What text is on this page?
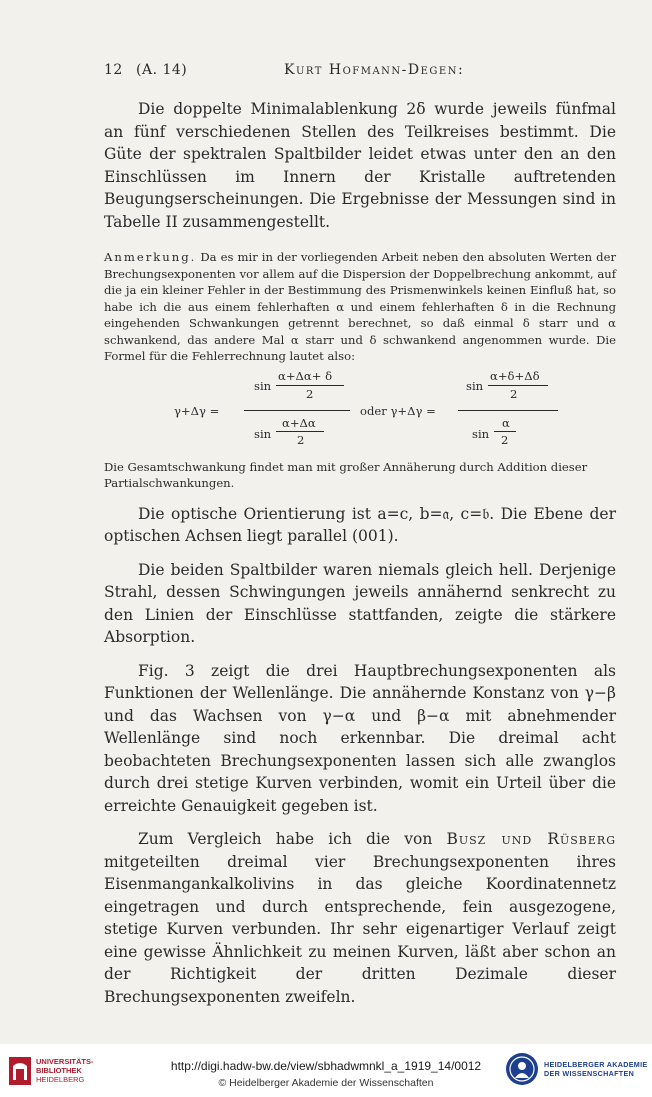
12 (A. 14)	Kurt Hofmann-Degen:

Die doppelte Minimalablenkung 2δ wurde jeweils fünfmal an fünf verschiedenen Stellen des Teilkreises bestimmt. Die Güte der spektralen Spaltbilder leidet etwas unter den an den Einschlüssen im Innern der Kristalle auftretenden Beugungserscheinungen. Die Ergebnisse der Messungen sind in Tabelle II zusammengestellt.

Anmerkung. Da es mir in der vorliegenden Arbeit neben den absoluten Werten der Brechungsexponenten vor allem auf die Dispersion der Doppelbrechung ankommt, auf die ja ein kleiner Fehler in der Bestimmung des Prismenwinkels keinen Einfluß hat, so habe ich die aus einem fehlerhaften α und einem fehlerhaften δ in die Rechnung eingehenden Schwankungen getrennt berechnet, so daß einmal δ starr und α schwankend, das andere Mal α starr und δ schwankend angenommen wurde. Die Formel für die Fehlerrechnung lautet also:
γ+Δγ =
sin
α+Δα+ δ
2
sin
α+Δα
2
oder γ+Δγ =
sin
α+δ+Δδ
2
sin
α
2
Die Gesamtschwankung findet man mit großer Annäherung durch Addition dieser Partialschwankungen.

Die optische Orientierung ist a=c, b=𝔞, c=𝔟. Die Ebene der optischen Achsen liegt parallel (001).

Die beiden Spaltbilder waren niemals gleich hell. Derjenige Strahl, dessen Schwingungen jeweils annähernd senkrecht zu den Linien der Einschlüsse stattfanden, zeigte die stärkere Absorption.

Fig. 3 zeigt die drei Hauptbrechungsexponenten als Funktionen der Wellenlänge. Die annähernde Konstanz von γ−β und das Wachsen von γ−α und β−α mit abnehmender Wellenlänge sind noch erkennbar. Die dreimal acht beobachteten Brechungsexponenten lassen sich alle zwanglos durch drei stetige Kurven verbinden, womit ein Urteil über die erreichte Genauigkeit gegeben ist.

Zum Vergleich habe ich die von Busz und Rüsberg mitgeteilten dreimal vier Brechungsexponenten ihres Eisenmangankalkolivins in das gleiche Koordinatennetz eingetragen und durch entsprechende, fein ausgezogene, stetige Kurven verbunden. Ihr sehr eigenartiger Verlauf zeigt eine gewisse Ähnlichkeit zu meinen Kurven, läßt aber schon an der Richtigkeit der dritten Dezimale dieser Brechungsexponenten zweifeln.

UNIVERSITÄTS-
BIBLIOTHEK
HEIDELBERG
http://digi.hadw-bw.de/view/sbhadwmnkl_a_1919_14/0012
© Heidelberger Akademie der Wissenschaften
HEIDELBERGER AKADEMIE
DER WISSENSCHAFTEN
